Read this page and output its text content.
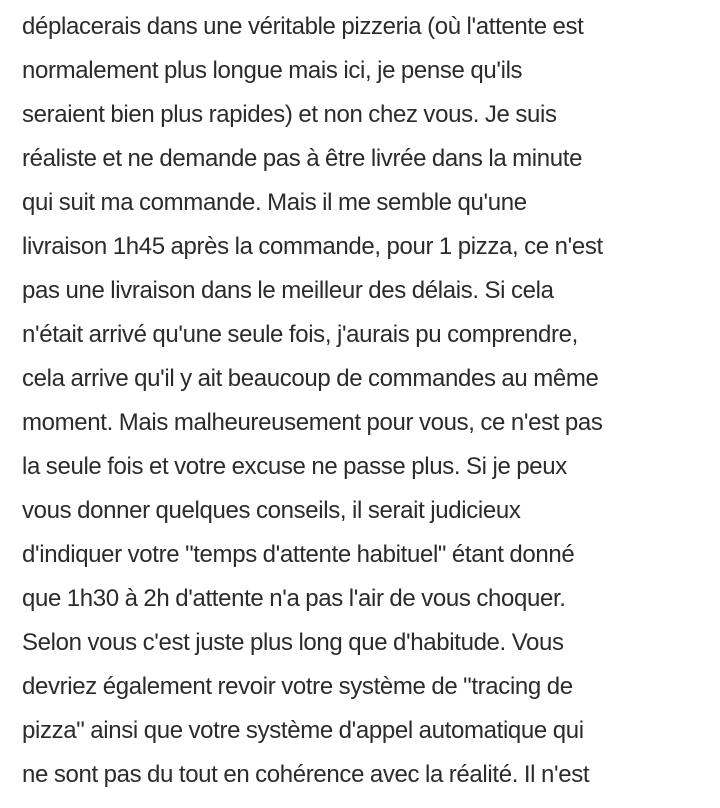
déplacerais dans une véritable pizzeria (où l'attente est
normalement plus longue mais ici, je pense qu'ils
seraient bien plus rapides) et non chez vous. Je suis
réaliste et ne demande pas à être livrée dans la minute
qui suit ma commande. Mais il me semble qu'une
livraison 1h45 après la commande, pour 1 pizza, ce n'est
pas une livraison dans le meilleur des délais. Si cela
n'était arrivé qu'une seule fois, j'aurais pu comprendre,
cela arrive qu'il y ait beaucoup de commandes au même
moment. Mais malheureusement pour vous, ce n'est pas
la seule fois et votre excuse ne passe plus. Si je peux
vous donner quelques conseils, il serait judicieux
d'indiquer votre "temps d'attente habituel" étant donné
que 1h30 à 2h d'attente n'a pas l'air de vous choquer.
Selon vous c'est juste plus long que d'habitude. Vous
devriez également revoir votre système de "tracing de
pizza" ainsi que votre système d'appel automatique qui
ne sont pas du tout en cohérence avec la réalité. Il n'est
